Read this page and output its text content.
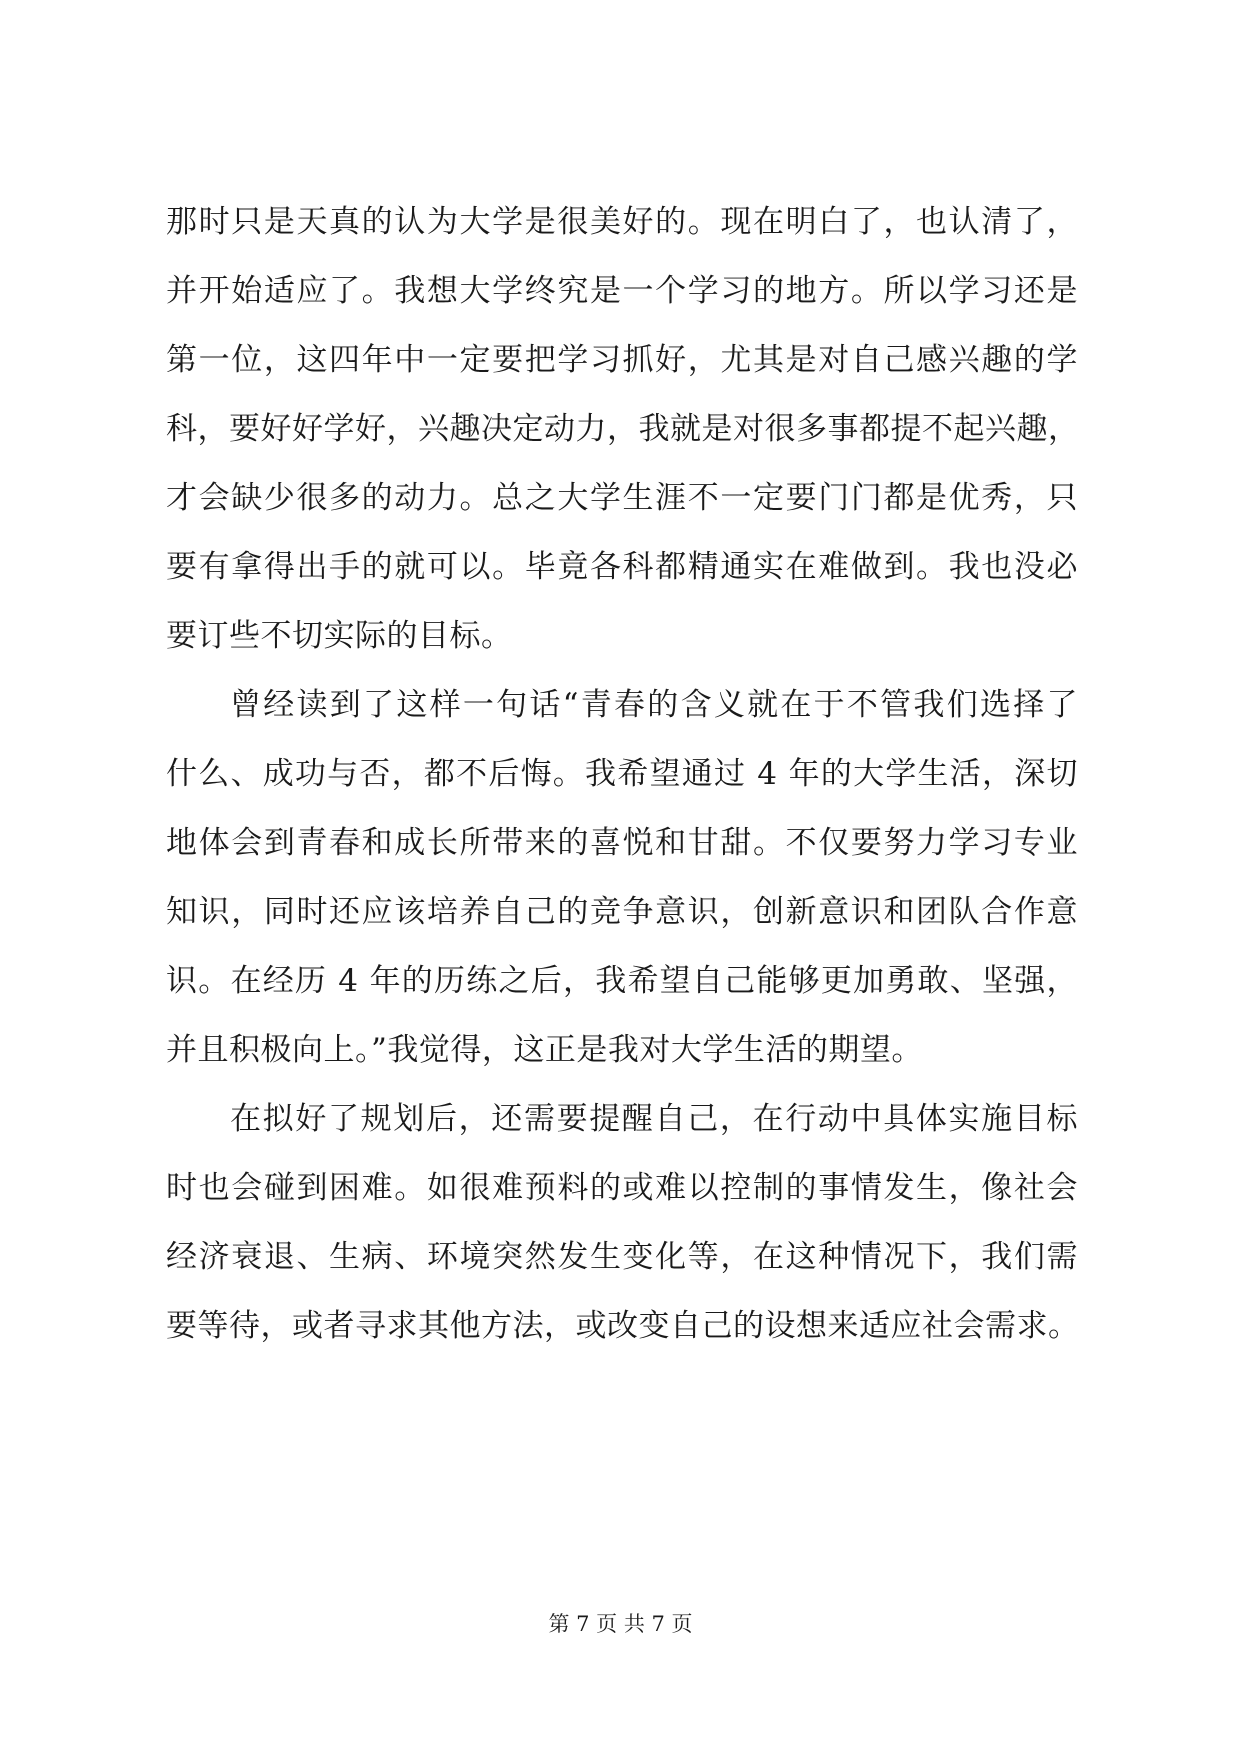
那时只是天真的认为大学是很美好的。现在明白了，也认清了，
并开始适应了。我想大学终究是一个学习的地方。所以学习还是
第一位，这四年中一定要把学习抓好，尤其是对自己感兴趣的学
科，要好好学好，兴趣决定动力，我就是对很多事都提不起兴趣，
才会缺少很多的动力。总之大学生涯不一定要门门都是优秀，只
要有拿得出手的就可以。毕竟各科都精通实在难做到。我也没必
要订些不切实际的目标。
曾经读到了这样一句话“青春的含义就在于不管我们选择了
什么、成功与否，都不后悔。我希望通过 4 年的大学生活，深切
地体会到青春和成长所带来的喜悦和甘甜。不仅要努力学习专业
知识，同时还应该培养自己的竞争意识，创新意识和团队合作意
识。在经历 4 年的历练之后，我希望自己能够更加勇敢、坚强，
并且积极向上。”我觉得，这正是我对大学生活的期望。
在拟好了规划后，还需要提醒自己，在行动中具体实施目标
时也会碰到困难。如很难预料的或难以控制的事情发生，像社会
经济衰退、生病、环境突然发生变化等，在这种情况下，我们需
要等待，或者寻求其他方法，或改变自己的设想来适应社会需求。
第 7 页 共 7 页
